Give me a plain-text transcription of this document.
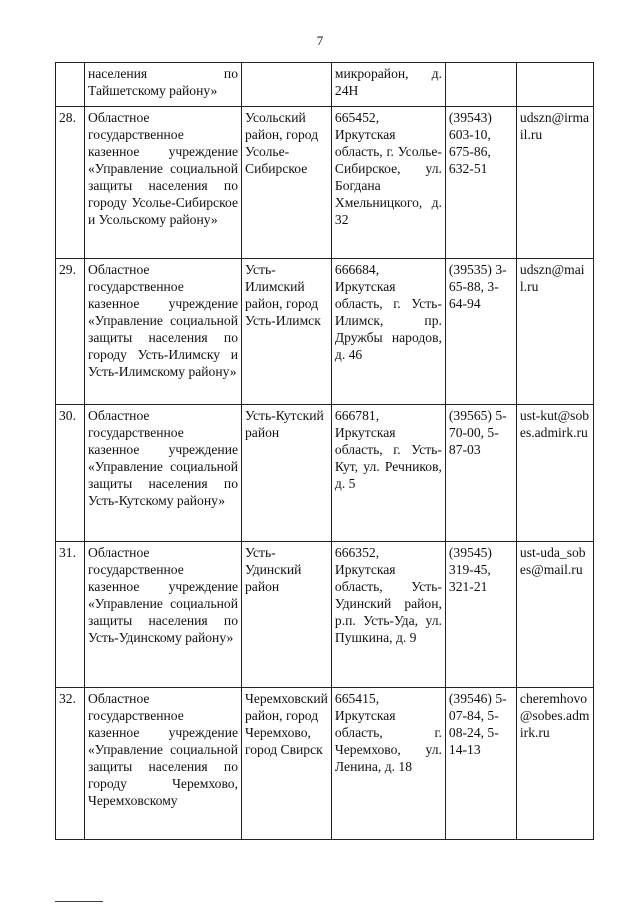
7
	населения по Тайшетскому району»		микрорайон, д. 24Н		
28.	Областное государственное казенное учреждение «Управление социальной защиты населения по городу Усолье-Сибирское и Усольскому району»	Усольский район, город Усолье-Сибирское	665452, Иркутская область, г. Усолье-Сибирское, ул. Богдана Хмельницкого, д. 32	(39543) 603-10, 675-86, 632-51	udszn@irmail.ru
29.	Областное государственное казенное учреждение «Управление социальной защиты населения по городу Усть-Илимску и Усть-Илимскому району»	Усть-Илимский район, город Усть-Илимск	666684, Иркутская область, г. Усть-Илимск, пр. Дружбы народов, д. 46	(39535) 3-65-88, 3-64-94	udszn@mail.ru
30.	Областное государственное казенное учреждение «Управление социальной защиты населения по Усть-Кутскому району»	Усть-Кутский район	666781, Иркутская область, г. Усть-Кут, ул. Речников, д. 5	(39565) 5-70-00, 5-87-03	ust-kut@sobes.admirk.ru
31.	Областное государственное казенное учреждение «Управление социальной защиты населения по Усть-Удинскому району»	Усть-Удинский район	666352, Иркутская область, Усть-Удинский район, р.п. Усть-Уда, ул. Пушкина, д. 9	(39545) 319-45, 321-21	ust-uda_sobes@mail.ru
32.	Областное государственное казенное учреждение «Управление социальной защиты населения по городу Черемхово, Черемховскому	Черемховский район, город Черемхово, город Свирск	665415, Иркутская область, г. Черемхово, ул. Ленина, д. 18	(39546) 5-07-84, 5-08-24, 5-14-13	cheremhovo@sobes.admirk.ru
